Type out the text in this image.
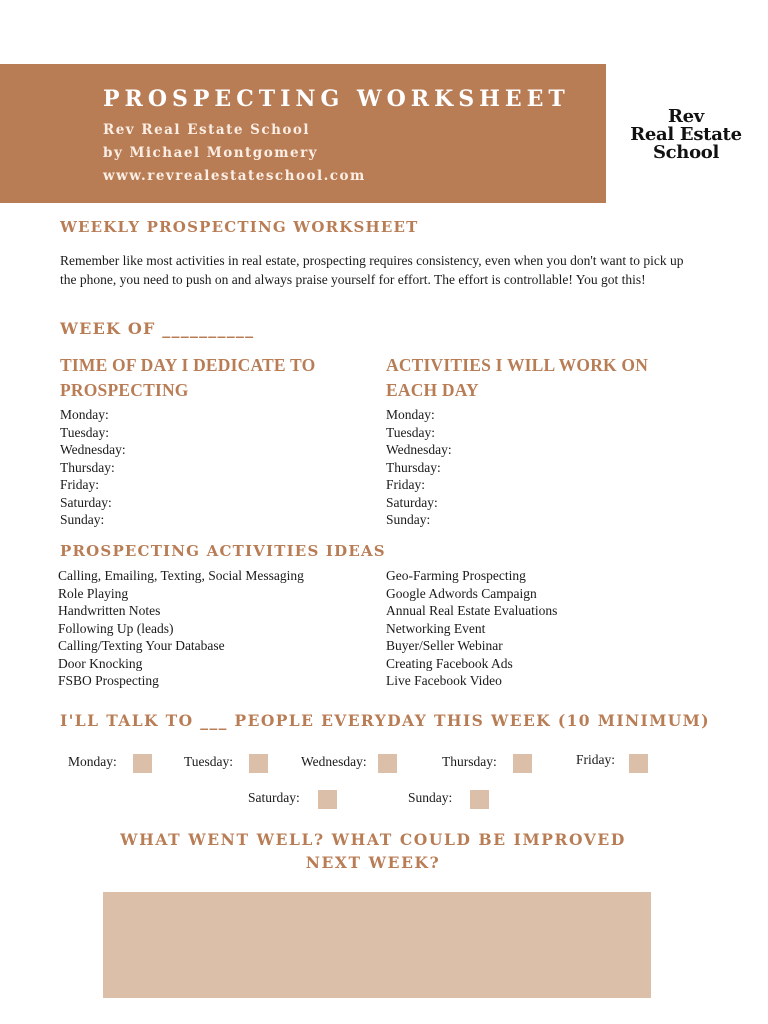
PROSPECTING WORKSHEET
Rev Real Estate School
by Michael Montgomery
www.revrealestateschool.com
Rev
Real Estate
School
WEEKLY PROSPECTING WORKSHEET
Remember like most activities in real estate, prospecting requires consistency, even when you don't want to pick up the phone, you need to push on and always praise yourself for effort. The effort is controllable! You got this!
WEEK OF __________
TIME OF DAY I DEDICATE TO PROSPECTING
Monday:
Tuesday:
Wednesday:
Thursday:
Friday:
Saturday:
Sunday:
ACTIVITIES I WILL WORK ON EACH DAY
Monday:
Tuesday:
Wednesday:
Thursday:
Friday:
Saturday:
Sunday:
PROSPECTING ACTIVITIES IDEAS
Calling, Emailing, Texting, Social Messaging
Role Playing
Handwritten Notes
Following Up (leads)
Calling/Texting Your Database
Door Knocking
FSBO Prospecting
Geo-Farming Prospecting
Google Adwords Campaign
Annual Real Estate Evaluations
Networking Event
Buyer/Seller Webinar
Creating Facebook Ads
Live Facebook Video
I'LL TALK TO ___ PEOPLE EVERYDAY THIS WEEK (10 MINIMUM)
Monday:	Tuesday:	Wednesday:	Thursday:	Friday:
Saturday:	Sunday:
WHAT WENT WELL? WHAT COULD BE IMPROVED
NEXT WEEK?
